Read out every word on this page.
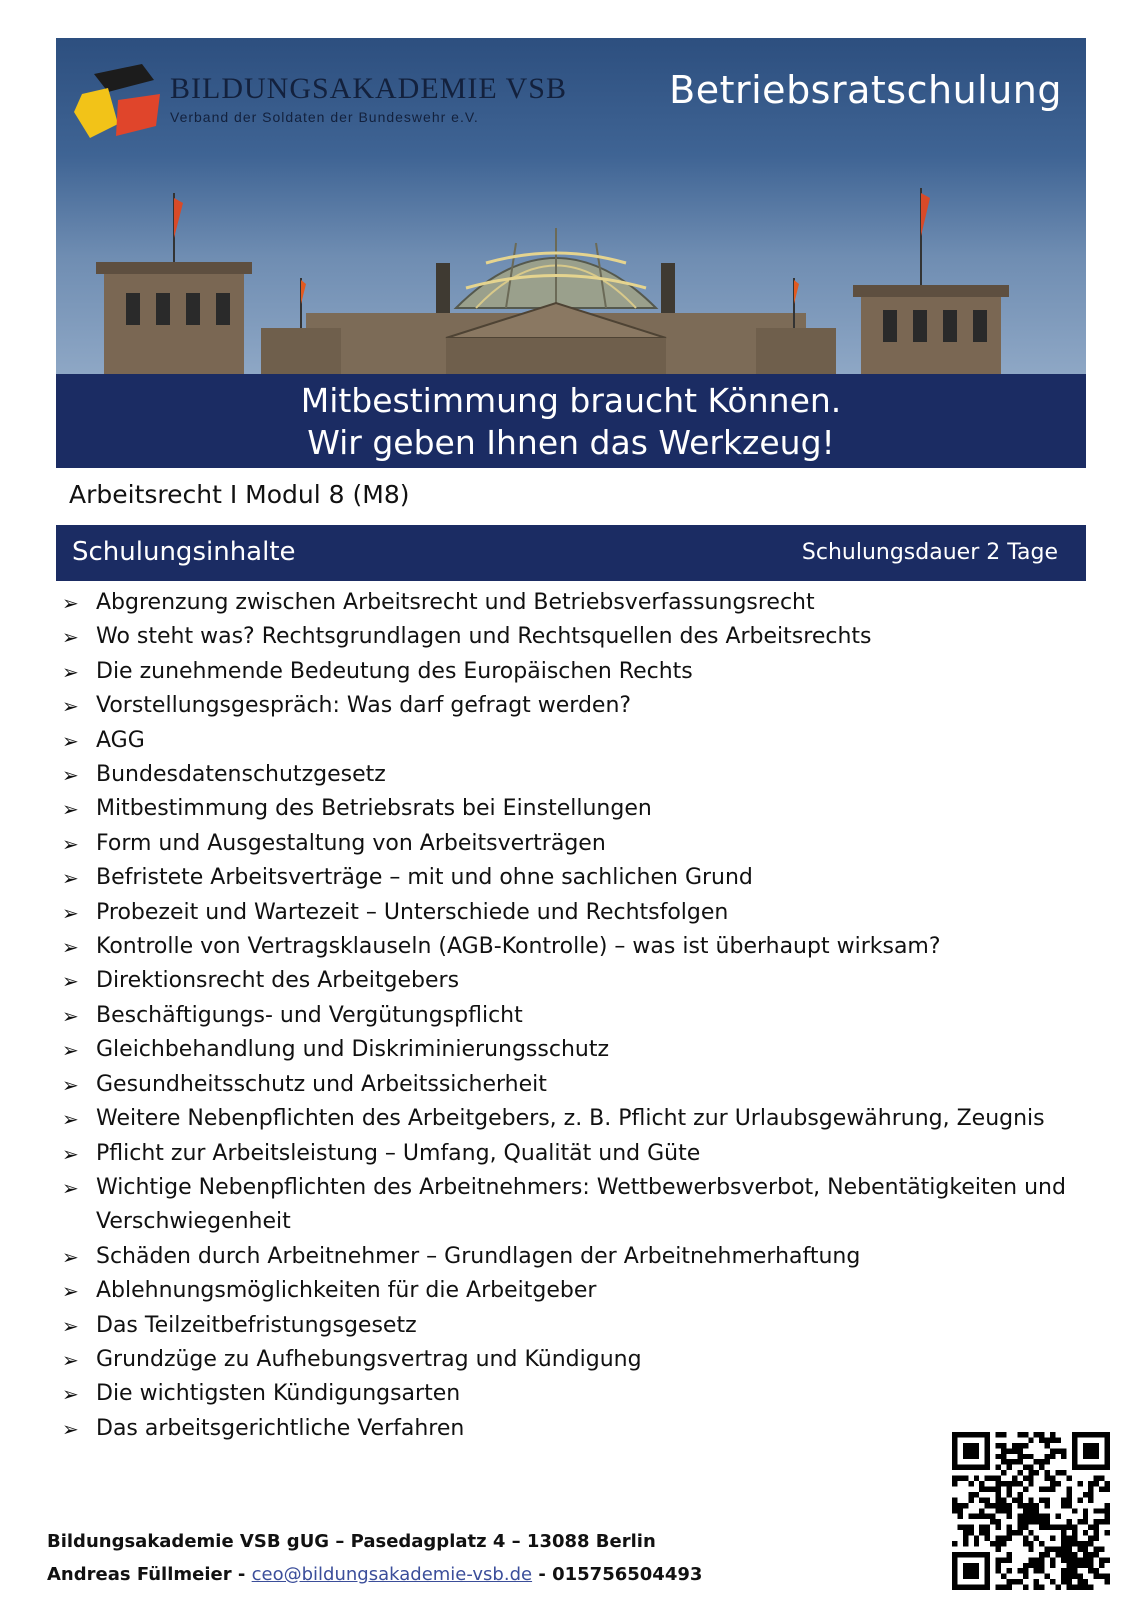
BILDUNGSAKADEMIE VSB
Verband der Soldaten der Bundeswehr e.V.
Betriebsratschulung
Mitbestimmung braucht Können.
Wir geben Ihnen das Werkzeug!
Arbeitsrecht I Modul 8 (M8)
Schulungsinhalte	Schulungsdauer 2 Tage
➢ Abgrenzung zwischen Arbeitsrecht und Betriebsverfassungsrecht
➢ Wo steht was? Rechtsgrundlagen und Rechtsquellen des Arbeitsrechts
➢ Die zunehmende Bedeutung des Europäischen Rechts
➢ Vorstellungsgespräch: Was darf gefragt werden?
➢ AGG
➢ Bundesdatenschutzgesetz
➢ Mitbestimmung des Betriebsrats bei Einstellungen
➢ Form und Ausgestaltung von Arbeitsverträgen
➢ Befristete Arbeitsverträge – mit und ohne sachlichen Grund
➢ Probezeit und Wartezeit – Unterschiede und Rechtsfolgen
➢ Kontrolle von Vertragsklauseln (AGB-Kontrolle) – was ist überhaupt wirksam?
➢ Direktionsrecht des Arbeitgebers
➢ Beschäftigungs- und Vergütungspflicht
➢ Gleichbehandlung und Diskriminierungsschutz
➢ Gesundheitsschutz und Arbeitssicherheit
➢ Weitere Nebenpflichten des Arbeitgebers, z. B. Pflicht zur Urlaubsgewährung, Zeugnis
➢ Pflicht zur Arbeitsleistung – Umfang, Qualität und Güte
➢ Wichtige Nebenpflichten des Arbeitnehmers: Wettbewerbsverbot, Nebentätigkeiten und Verschwiegenheit
➢ Schäden durch Arbeitnehmer – Grundlagen der Arbeitnehmerhaftung
➢ Ablehnungsmöglichkeiten für die Arbeitgeber
➢ Das Teilzeitbefristungsgesetz
➢ Grundzüge zu Aufhebungsvertrag und Kündigung
➢ Die wichtigsten Kündigungsarten
➢ Das arbeitsgerichtliche Verfahren
Bildungsakademie VSB gUG – Pasedagplatz 4 – 13088 Berlin
Andreas Füllmeier - ceo@bildungsakademie-vsb.de - 015756504493
